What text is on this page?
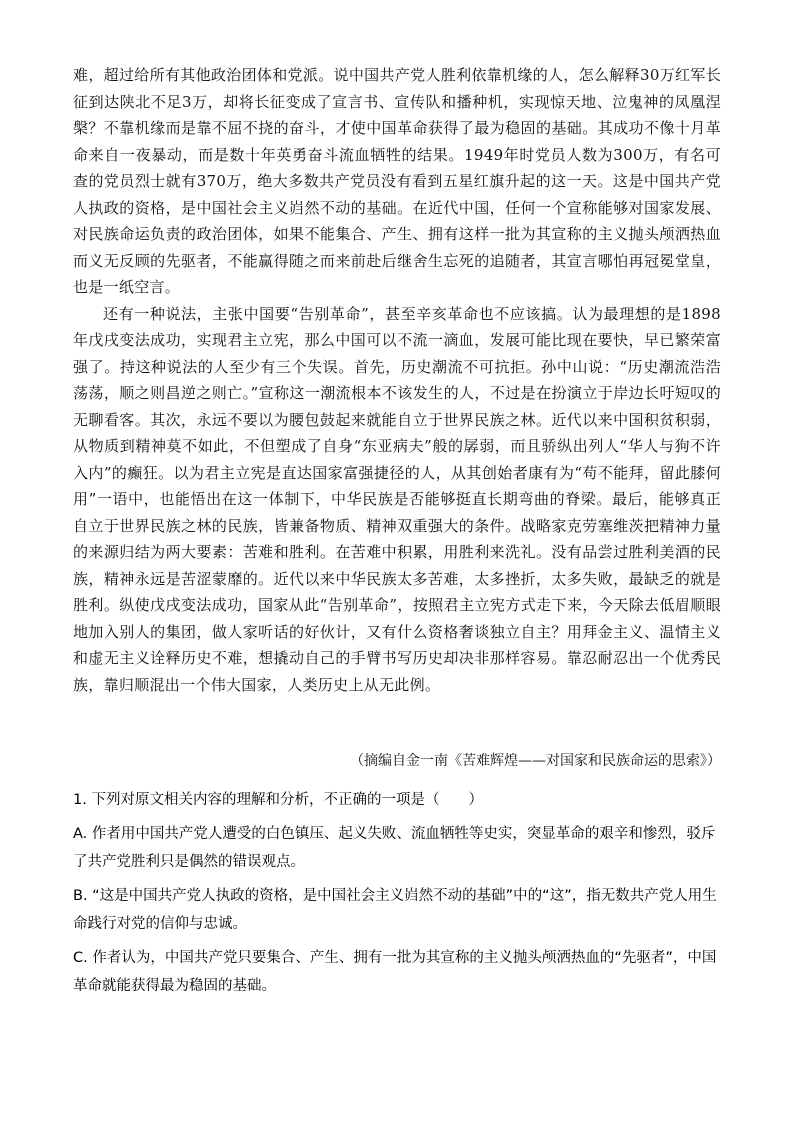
难，超过给所有其他政治团体和党派。说中国共产党人胜利依靠机缘的人，怎么解释30万红军长征到达陕北不足3万，却将长征变成了宣言书、宣传队和播种机，实现惊天地、泣鬼神的凤凰涅槃？不靠机缘而是靠不屈不挠的奋斗，才使中国革命获得了最为稳固的基础。其成功不像十月革命来自一夜暴动，而是数十年英勇奋斗流血牺牲的结果。1949年时党员人数为300万，有名可查的党员烈士就有370万，绝大多数共产党员没有看到五星红旗升起的这一天。这是中国共产党人执政的资格，是中国社会主义岿然不动的基础。在近代中国，任何一个宣称能够对国家发展、对民族命运负责的政治团体，如果不能集合、产生、拥有这样一批为其宣称的主义抛头颅洒热血而义无反顾的先驱者，不能赢得随之而来前赴后继舍生忘死的追随者，其宣言哪怕再冠冕堂皇，也是一纸空言。

还有一种说法，主张中国要“告别革命”，甚至辛亥革命也不应该搞。认为最理想的是1898年戊戌变法成功，实现君主立宪，那么中国可以不流一滴血，发展可能比现在要快，早已繁荣富强了。持这种说法的人至少有三个失误。首先，历史潮流不可抗拒。孙中山说：“历史潮流浩浩荡荡，顺之则昌逆之则亡。”宣称这一潮流根本不该发生的人，不过是在扮演立于岸边长吁短叹的无聊看客。其次，永远不要以为腰包鼓起来就能自立于世界民族之林。近代以来中国积贫积弱，从物质到精神莫不如此，不但塑成了自身“东亚病夫”般的孱弱，而且骄纵出列人“华人与狗不许入内”的癫狂。以为君主立宪是直达国家富强捷径的人，从其创始者康有为“苟不能拜，留此膝何用”一语中，也能悟出在这一体制下，中华民族是否能够挺直长期弯曲的脊梁。最后，能够真正自立于世界民族之林的民族，皆兼备物质、精神双重强大的条件。战略家克劳塞维茨把精神力量的来源归结为两大要素：苦难和胜利。在苦难中积累，用胜利来洗礼。没有品尝过胜利美酒的民族，精神永远是苦涩蒙靡的。近代以来中华民族太多苦难，太多挫折，太多失败，最缺乏的就是胜利。纵使戊戌变法成功，国家从此“告别革命”，按照君主立宪方式走下来，今天除去低眉顺眼地加入别人的集团，做人家听话的好伙计，又有什么资格奢谈独立自主？用拜金主义、温情主义和虚无主义诠释历史不难，想撬动自己的手臂书写历史却决非那样容易。靠忍耐忍出一个优秀民族，靠归顺混出一个伟大国家，人类历史上从无此例。

（摘编自金一南《苦难辉煌——对国家和民族命运的思索》）

1. 下列对原文相关内容的理解和分析，不正确的一项是（　　）

A. 作者用中国共产党人遭受的白色镇压、起义失败、流血牺牲等史实，突显革命的艰辛和惨烈，驳斥了共产党胜利只是偶然的错误观点。

B. “这是中国共产党人执政的资格，是中国社会主义岿然不动的基础”中的“这”，指无数共产党人用生命践行对党的信仰与忠诚。

C. 作者认为，中国共产党只要集合、产生、拥有一批为其宣称的主义抛头颅洒热血的“先驱者”，中国革命就能获得最为稳固的基础。
